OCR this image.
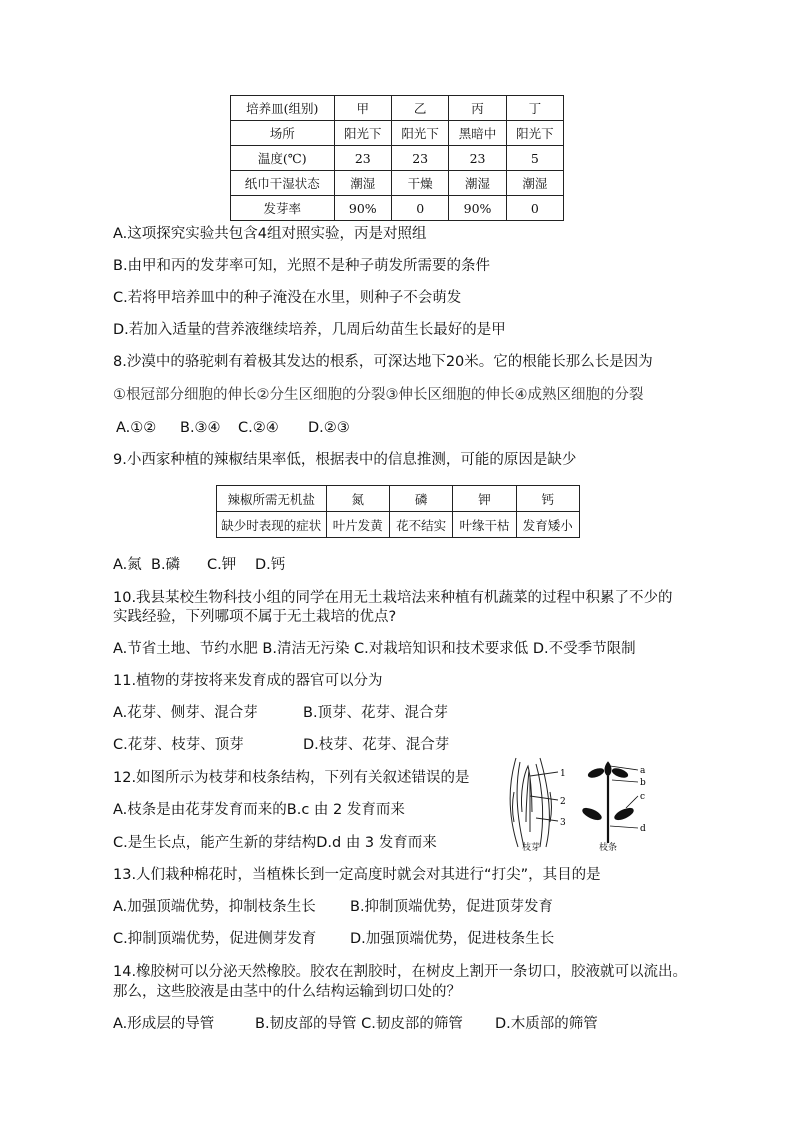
培养皿(组别)	甲	乙	丙	丁
场所	阳光下	阳光下	黑暗中	阳光下
温度(℃)	23	23	23	5
纸巾干湿状态	潮湿	干燥	潮湿	潮湿
发芽率	90%	0	90%	0
A.这项探究实验共包含4组对照实验，丙是对照组
B.由甲和丙的发芽率可知，光照不是种子萌发所需要的条件
C.若将甲培养皿中的种子淹没在水里，则种子不会萌发
D.若加入适量的营养液继续培养，几周后幼苗生长最好的是甲
8.沙漠中的骆驼刺有着极其发达的根系，可深达地下20米。它的根能长那么长是因为
①根冠部分细胞的伸长②分生区细胞的分裂③伸长区细胞的伸长④成熟区细胞的分裂
A.①② B.③④ C.②④ D.②③
9.小西家种植的辣椒结果率低，根据表中的信息推测，可能的原因是缺少
辣椒所需无机盐	氮	磷	钾	钙
缺少时表现的症状	叶片发黄	花不结实	叶缘干枯	发育矮小
A.氮 B.磷 C.钾 D.钙
10.我县某校生物科技小组的同学在用无土栽培法来种植有机蔬菜的过程中积累了不少的
实践经验，下列哪项不属于无土栽培的优点?
A.节省土地、节约水肥 B.清洁无污染 C.对栽培知识和技术要求低 D.不受季节限制
11.植物的芽按将来发育成的器官可以分为
A.花芽、侧芽、混合芽	B.顶芽、花芽、混合芽
C.花芽、枝芽、顶芽	D.枝芽、花芽、混合芽
12.如图所示为枝芽和枝条结构，下列有关叙述错误的是
A.枝条是由花芽发育而来的B.c 由 2 发育而来
C.是生长点，能产生新的芽结构D.d 由 3 发育而来
1
2
3
枝芽
a
b
c
d
枝条
13.人们栽种棉花时，当植株长到一定高度时就会对其进行“打尖”，其目的是
A.加强顶端优势，抑制枝条生长 B.抑制顶端优势，促进顶芽发育
C.抑制顶端优势，促进侧芽发育 D.加强顶端优势，促进枝条生长
14.橡胶树可以分泌天然橡胶。胶农在割胶时，在树皮上割开一条切口，胶液就可以流出。
那么，这些胶液是由茎中的什么结构运输到切口处的？
A.形成层的导管	B.韧皮部的导管 C.韧皮部的筛管 D.木质部的筛管
